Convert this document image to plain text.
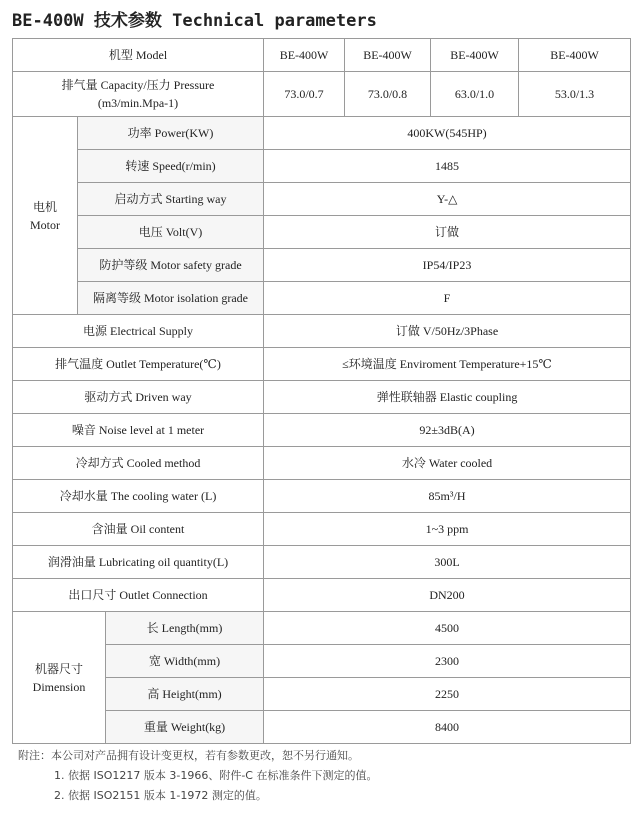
BE-400W 技术参数 Technical parameters
机型 Model			BE-400W	BE-400W	BE-400W	BE-400W

排气量 Capacity/压力 Pressure
(m3/min.Mpa-1)			73.0/0.7	73.0/0.8	63.0/1.0	53.0/1.3

电机
Motor	功率 Power(KW)		400KW(545HP)			
	转速 Speed(r/min)		1485			
	启动方式 Starting way		Y-△			
	电压 Volt(V)		订做			
	防护等级 Motor safety grade		IP54/IP23			
	隔离等级 Motor isolation grade		F			
电源 Electrical Supply			订做 V/50Hz/3Phase			
排气温度 Outlet Temperature(℃)			≤环境温度 Enviroment Temperature+15℃			
驱动方式 Driven way			弹性联轴器 Elastic coupling			
噪音 Noise level at 1 meter			92±3dB(A)			
冷却方式 Cooled method			水冷 Water cooled			
冷却水量 The cooling water (L)			85m³/H			
含油量 Oil content			1~3 ppm			
润滑油量 Lubricating oil quantity(L)			300L			
出口尺寸 Outlet Connection			DN200			

机器尺寸
Dimension		长 Length(mm)	4500			
		宽 Width(mm)	2300			
		高 Height(mm)	2250			
		重量 Weight(kg)	8400			
附注：本公司对产品拥有设计变更权，若有参数更改，恕不另行通知。
1. 依据 ISO1217 版本 3-1966、附件-C 在标准条件下测定的值。
2. 依据 ISO2151 版本 1-1972 测定的值。
